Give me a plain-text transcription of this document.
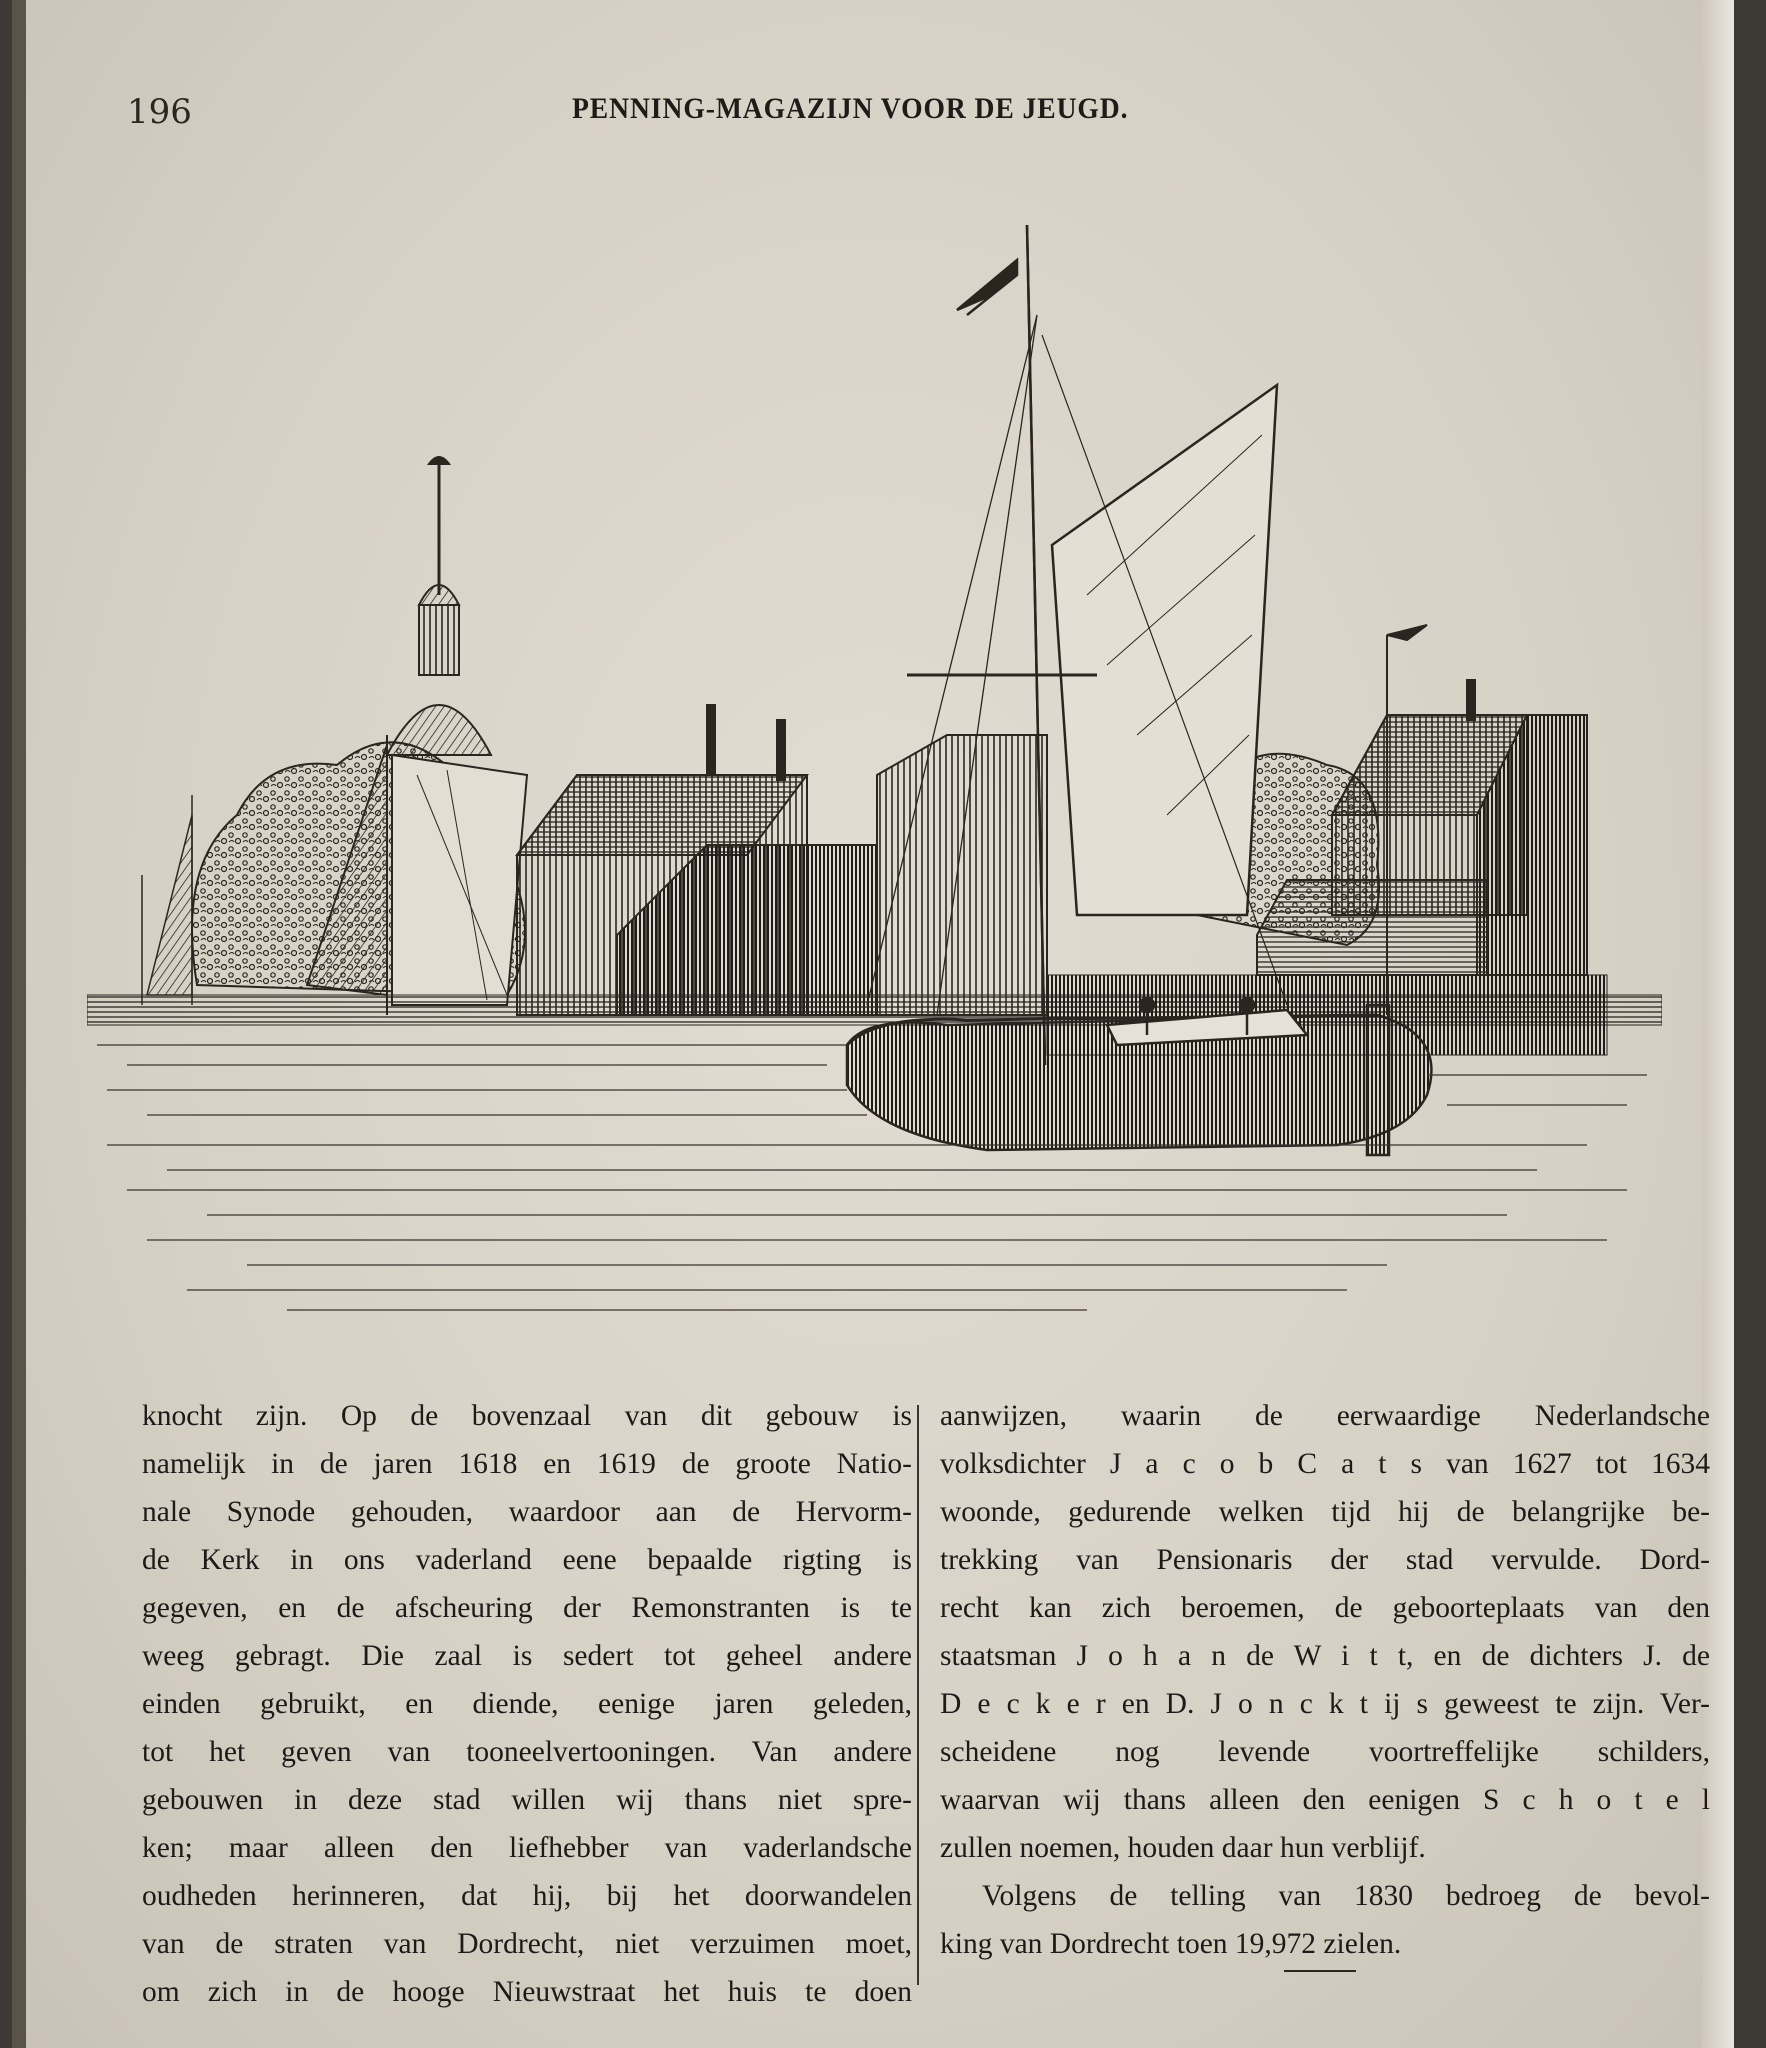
196	PENNING-MAGAZIJN VOOR DE JEUGD.
knocht zijn. Op de bovenzaal van dit gebouw is
namelijk in de jaren 1618 en 1619 de groote Natio-
nale Synode gehouden, waardoor aan de Hervorm-
de Kerk in ons vaderland eene bepaalde rigting is
gegeven, en de afscheuring der Remonstranten is te
weeg gebragt. Die zaal is sedert tot geheel andere
einden gebruikt, en diende, eenige jaren geleden,
tot het geven van tooneelvertooningen. Van andere
gebouwen in deze stad willen wij thans niet spre-
ken; maar alleen den liefhebber van vaderlandsche
oudheden herinneren, dat hij, bij het doorwandelen
van de straten van Dordrecht, niet verzuimen moet,
om zich in de hooge Nieuwstraat het huis te doen
aanwijzen, waarin de eerwaardige Nederlandsche
volksdichter J a c o b C a t s van 1627 tot 1634
woonde, gedurende welken tijd hij de belangrijke be-
trekking van Pensionaris der stad vervulde. Dord-
recht kan zich beroemen, de geboorteplaats van den
staatsman J o h a n de W i t t, en de dichters J. de
D e c k e r en D. J o n c k t ij s geweest te zijn. Ver-
scheidene nog levende voortreffelijke schilders,
waarvan wij thans alleen den eenigen S c h o t e l
zullen noemen, houden daar hun verblijf.
Volgens de telling van 1830 bedroeg de bevol-
king van Dordrecht toen 19,972 zielen.
